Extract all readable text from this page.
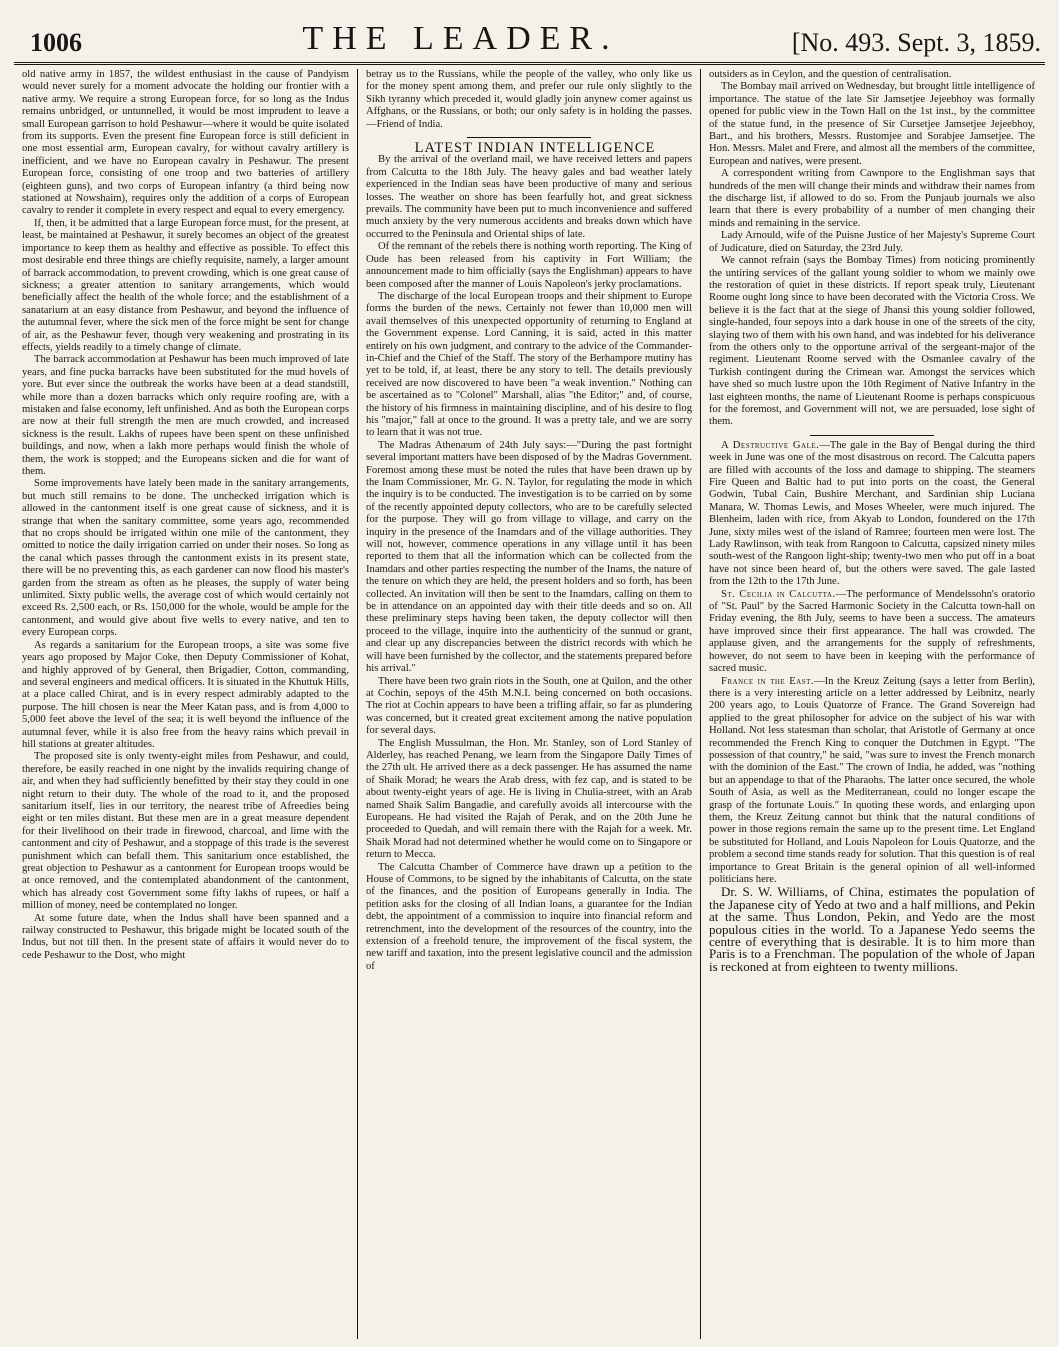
1006	THE LEADER.	[No. 493. Sept. 3, 1859.

old native army in 1857, the wildest enthusiast in the cause of Pandyism would never surely for a moment advocate the holding our frontier with a native army. We require a strong European force, for so long as the Indus remains unbridged, or untunnelled, it would be most imprudent to leave a small European garrison to hold Peshawur—where it would be quite isolated from its supports. Even the present fine European force is still deficient in one most essential arm, European cavalry, for without cavalry artillery is inefficient, and we have no European cavalry in Peshawur. The present European force, consisting of one troop and two batteries of artillery (eighteen guns), and two corps of European infantry (a third being now stationed at Nowshaim), requires only the addition of a corps of European cavalry to render it complete in every respect and equal to every emergency.

If, then, it be admitted that a large European force must, for the present, at least, be maintained at Peshawur, it surely becomes an object of the greatest importance to keep them as healthy and effective as possible. To effect this most desirable end three things are chiefly requisite, namely, a larger amount of barrack accommodation, to prevent crowding, which is one great cause of sickness; a greater attention to sanitary arrangements, which would beneficially affect the health of the whole force; and the establishment of a sanatarium at an easy distance from Peshawur, and beyond the influence of the autumnal fever, where the sick men of the force might be sent for change of air, as the Peshawur fever, though very weakening and prostrating in its effects, yields readily to a timely change of climate.

The barrack accommodation at Peshawur has been much improved of late years, and fine pucka barracks have been substituted for the mud hovels of yore. But ever since the outbreak the works have been at a dead standstill, while more than a dozen barracks which only require roofing are, with a mistaken and false economy, left unfinished. And as both the European corps are now at their full strength the men are much crowded, and increased sickness is the result. Lakhs of rupees have been spent on these unfinished buildings, and now, when a lakh more perhaps would finish the whole of them, the work is stopped; and the Europeans sicken and die for want of them.

Some improvements have lately been made in the sanitary arrangements, but much still remains to be done. The unchecked irrigation which is allowed in the cantonment itself is one great cause of sickness, and it is strange that when the sanitary committee, some years ago, recommended that no crops should be irrigated within one mile of the cantonment, they omitted to notice the daily irrigation carried on under their noses. So long as the canal which passes through the cantonment exists in its present state, there will be no preventing this, as each gardener can now flood his master's garden from the stream as often as he pleases, the supply of water being unlimited. Sixty public wells, the average cost of which would certainly not exceed Rs. 2,500 each, or Rs. 150,000 for the whole, would be ample for the cantonment, and would give about five wells to every native, and ten to every European corps.

As regards a sanitarium for the European troops, a site was some five years ago proposed by Major Coke, then Deputy Commissioner of Kohat, and highly approved of by General, then Brigadier, Cotton, commanding, and several engineers and medical officers. It is situated in the Khuttuk Hills, at a place called Chirat, and is in every respect admirably adapted to the purpose. The hill chosen is near the Meer Katan pass, and is from 4,000 to 5,000 feet above the level of the sea; it is well beyond the influence of the autumnal fever, while it is also free from the heavy rains which prevail in hill stations at greater altitudes.

The proposed site is only twenty-eight miles from Peshawur, and could, therefore, be easily reached in one night by the invalids requiring change of air, and when they had sufficiently benefitted by their stay they could in one night return to their duty. The whole of the road to it, and the proposed sanitarium itself, lies in our territory, the nearest tribe of Afreedies being eight or ten miles distant. But these men are in a great measure dependent for their livelihood on their trade in firewood, charcoal, and lime with the cantonment and city of Peshawur, and a stoppage of this trade is the severest punishment which can befall them. This sanitarium once established, the great objection to Peshawur as a cantonment for European troops would be at once removed, and the contemplated abandonment of the cantonment, which has already cost Government some fifty lakhs of rupees, or half a million of money, need be contemplated no longer.

At some future date, when the Indus shall have been spanned and a railway constructed to Peshawur, this brigade might be located south of the Indus, but not till then. In the present state of affairs it would never do to cede Peshawur to the Dost, who might

betray us to the Russians, while the people of the valley, who only like us for the money spent among them, and prefer our rule only slightly to the Sikh tyranny which preceded it, would gladly join anynew comer against us Affghans, or the Russians, or both; our only safety is in holding the passes.—Friend of India.

LATEST INDIAN INTELLIGENCE

By the arrival of the overland mail, we have received letters and papers from Calcutta to the 18th July. The heavy gales and bad weather lately experienced in the Indian seas have been productive of many and serious losses. The weather on shore has been fearfully hot, and great sickness prevails. The community have been put to much inconvenience and suffered much anxiety by the very numerous accidents and breaks down which have occurred to the Peninsula and Oriental ships of late.

Of the remnant of the rebels there is nothing worth reporting. The King of Oude has been released from his captivity in Fort William; the announcement made to him officially (says the Englishman) appears to have been composed after the manner of Louis Napoleon's jerky proclamations.

The discharge of the local European troops and their shipment to Europe forms the burden of the news. Certainly not fewer than 10,000 men will avail themselves of this unexpected opportunity of returning to England at the Government expense. Lord Canning, it is said, acted in this matter entirely on his own judgment, and contrary to the advice of the Commander-in-Chief and the Chief of the Staff. The story of the Berhampore mutiny has yet to be told, if, at least, there be any story to tell. The details previously received are now discovered to have been "a weak invention." Nothing can be ascertained as to "Colonel" Marshall, alias "the Editor;" and, of course, the history of his firmness in maintaining discipline, and of his desire to flog his "major," fall at once to the ground. It was a pretty tale, and we are sorry to learn that it was not true.

The Madras Athenæum of 24th July says:—"During the past fortnight several important matters have been disposed of by the Madras Government. Foremost among these must be noted the rules that have been drawn up by the Inam Commissioner, Mr. G. N. Taylor, for regulating the mode in which the inquiry is to be conducted. The investigation is to be carried on by some of the recently appointed deputy collectors, who are to be carefully selected for the purpose. They will go from village to village, and carry on the inquiry in the presence of the Inamdars and of the village authorities. They will not, however, commence operations in any village until it has been reported to them that all the information which can be collected from the Inamdars and other parties respecting the number of the Inams, the nature of the tenure on which they are held, the present holders and so forth, has been collected. An invitation will then be sent to the Inamdars, calling on them to be in attendance on an appointed day with their title deeds and so on. All these preliminary steps having been taken, the deputy collector will then proceed to the village, inquire into the authenticity of the sunnud or grant, and clear up any discrepancies between the district records with which he will have been furnished by the collector, and the statements prepared before his arrival."

There have been two grain riots in the South, one at Quilon, and the other at Cochin, sepoys of the 45th M.N.I. being concerned on both occasions. The riot at Cochin appears to have been a trifling affair, so far as plundering was concerned, but it created great excitement among the native population for several days.

The English Mussulman, the Hon. Mr. Stanley, son of Lord Stanley of Alderley, has reached Penang, we learn from the Singapore Daily Times of the 27th ult. He arrived there as a deck passenger. He has assumed the name of Shaik Morad; he wears the Arab dress, with fez cap, and is stated to be about twenty-eight years of age. He is living in Chulia-street, with an Arab named Shaik Salim Bangadie, and carefully avoids all intercourse with the Europeans. He had visited the Rajah of Perak, and on the 20th June he proceeded to Quedah, and will remain there with the Rajah for a week. Mr. Shaik Morad had not determined whether he would come on to Singapore or return to Mecca.

The Calcutta Chamber of Commerce have drawn up a petition to the House of Commons, to be signed by the inhabitants of Calcutta, on the state of the finances, and the position of Europeans generally in India. The petition asks for the closing of all Indian loans, a guarantee for the Indian debt, the appointment of a commission to inquire into financial reform and retrenchment, into the development of the resources of the country, into the extension of a freehold tenure, the improvement of the fiscal system, the new tariff and taxation, into the present legislative council and the admission of

outsiders as in Ceylon, and the question of centralisation.

The Bombay mail arrived on Wednesday, but brought little intelligence of importance. The statue of the late Sir Jamsetjee Jejeebhoy was formally opened for public view in the Town Hall on the 1st inst., by the committee of the statue fund, in the presence of Sir Cursetjee Jamsetjee Jejeebhoy, Bart., and his brothers, Messrs. Rustomjee and Sorabjee Jamsetjee. The Hon. Messrs. Malet and Frere, and almost all the members of the committee, European and natives, were present.

A correspondent writing from Cawnpore to the Englishman says that hundreds of the men will change their minds and withdraw their names from the discharge list, if allowed to do so. From the Punjaub journals we also learn that there is every probability of a number of men changing their minds and remaining in the service.

Lady Arnould, wife of the Puisne Justice of her Majesty's Supreme Court of Judicature, died on Saturday, the 23rd July.

We cannot refrain (says the Bombay Times) from noticing prominently the untiring services of the gallant young soldier to whom we mainly owe the restoration of quiet in these districts. If report speak truly, Lieutenant Roome ought long since to have been decorated with the Victoria Cross. We believe it is the fact that at the siege of Jhansi this young soldier followed, single-handed, four sepoys into a dark house in one of the streets of the city, slaying two of them with his own hand, and was indebted for his deliverance from the others only to the opportune arrival of the sergeant-major of the regiment. Lieutenant Roome served with the Osmanlee cavalry of the Turkish contingent during the Crimean war. Amongst the services which have shed so much lustre upon the 10th Regiment of Native Infantry in the last eighteen months, the name of Lieutenant Roome is perhaps conspicuous for the foremost, and Government will not, we are persuaded, lose sight of them.

A Destructive Gale.—The gale in the Bay of Bengal during the third week in June was one of the most disastrous on record. The Calcutta papers are filled with accounts of the loss and damage to shipping. The steamers Fire Queen and Baltic had to put into ports on the coast, the General Godwin, Tubal Cain, Bushire Merchant, and Sardinian ship Luciana Manara, W. Thomas Lewis, and Moses Wheeler, were much injured. The Blenheim, laden with rice, from Akyab to London, foundered on the 17th June, sixty miles west of the island of Ramree; fourteen men were lost. The Lady Rawlinson, with teak from Rangoon to Calcutta, capsized ninety miles south-west of the Rangoon light-ship; twenty-two men who put off in a boat have not since been heard of, but the others were saved. The gale lasted from the 12th to the 17th June.

St. Cecilia in Calcutta.—The performance of Mendelssohn's oratorio of "St. Paul" by the Sacred Harmonic Society in the Calcutta town-hall on Friday evening, the 8th July, seems to have been a success. The amateurs have improved since their first appearance. The hall was crowded. The applause given, and the arrangements for the supply of refreshments, however, do not seem to have been in keeping with the performance of sacred music.

France in the East.—In the Kreuz Zeitung (says a letter from Berlin), there is a very interesting article on a letter addressed by Leibnitz, nearly 200 years ago, to Louis Quatorze of France. The Grand Sovereign had applied to the great philosopher for advice on the subject of his war with Holland. Not less statesman than scholar, that Aristotle of Germany at once recommended the French King to conquer the Dutchmen in Egypt. "The possession of that country," he said, "was sure to invest the French monarch with the dominion of the East." The crown of India, he added, was "nothing but an appendage to that of the Pharaohs. The latter once secured, the whole South of Asia, as well as the Mediterranean, could no longer escape the grasp of the fortunate Louis." In quoting these words, and enlarging upon them, the Kreuz Zeitung cannot but think that the natural conditions of power in those regions remain the same up to the present time. Let England be substituted for Holland, and Louis Napoleon for Louis Quatorze, and the problem a second time stands ready for solution. That this question is of real importance to Great Britain is the general opinion of all well-informed politicians here.

Dr. S. W. Williams, of China, estimates the population of the Japanese city of Yedo at two and a half millions, and Pekin at the same. Thus London, Pekin, and Yedo are the most populous cities in the world. To a Japanese Yedo seems the centre of everything that is desirable. It is to him more than Paris is to a Frenchman. The population of the whole of Japan is reckoned at from eighteen to twenty millions.
